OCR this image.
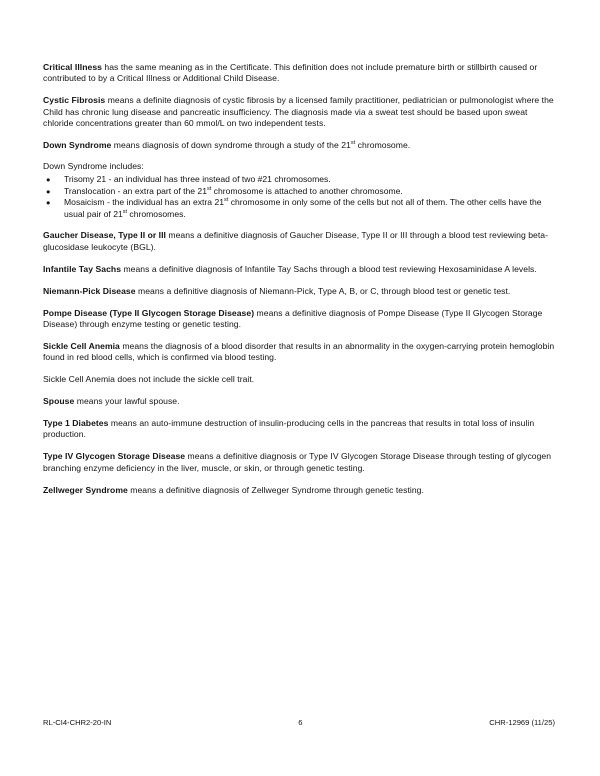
Critical Illness has the same meaning as in the Certificate. This definition does not include premature birth or stillbirth caused or contributed to by a Critical Illness or Additional Child Disease.

Cystic Fibrosis means a definite diagnosis of cystic fibrosis by a licensed family practitioner, pediatrician or pulmonologist where the Child has chronic lung disease and pancreatic insufficiency. The diagnosis made via a sweat test should be based upon sweat chloride concentrations greater than 60 mmol/L on two independent tests.

Down Syndrome means diagnosis of down syndrome through a study of the 21st chromosome.

Down Syndrome includes:

● Trisomy 21 - an individual has three instead of two #21 chromosomes.
● Translocation - an extra part of the 21st chromosome is attached to another chromosome.
● Mosaicism - the individual has an extra 21st chromosome in only some of the cells but not all of them. The other cells have the usual pair of 21st chromosomes.

Gaucher Disease, Type II or III means a definitive diagnosis of Gaucher Disease, Type II or III through a blood test reviewing beta-glucosidase leukocyte (BGL).

Infantile Tay Sachs means a definitive diagnosis of Infantile Tay Sachs through a blood test reviewing Hexosaminidase A levels.

Niemann-Pick Disease means a definitive diagnosis of Niemann-Pick, Type A, B, or C, through blood test or genetic test.

Pompe Disease (Type II Glycogen Storage Disease) means a definitive diagnosis of Pompe Disease (Type II Glycogen Storage Disease) through enzyme testing or genetic testing.

Sickle Cell Anemia means the diagnosis of a blood disorder that results in an abnormality in the oxygen-carrying protein hemoglobin found in red blood cells, which is confirmed via blood testing.

Sickle Cell Anemia does not include the sickle cell trait.

Spouse means your lawful spouse.

Type 1 Diabetes means an auto-immune destruction of insulin-producing cells in the pancreas that results in total loss of insulin production.

Type IV Glycogen Storage Disease means a definitive diagnosis or Type IV Glycogen Storage Disease through testing of glycogen branching enzyme deficiency in the liver, muscle, or skin, or through genetic testing.

Zellweger Syndrome means a definitive diagnosis of Zellweger Syndrome through genetic testing.

RL-CI4-CHR2-20-IN	6	CHR-12969 (11/25)
